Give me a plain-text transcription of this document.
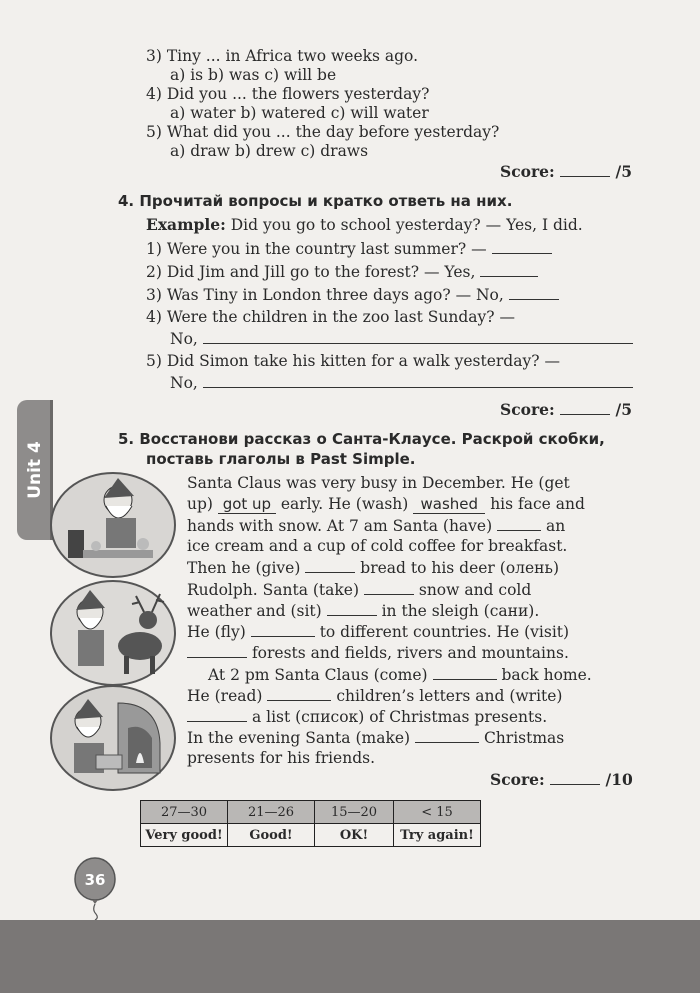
3) Tiny ... in Africa two weeks ago.
a) is b) was c) will be
4) Did you ... the flowers yesterday?
a) water b) watered c) will water
5) What did you ... the day before yesterday?
a) draw b) drew c) draws
Score:	/5
4. Прочитай вопросы и кратко ответь на них.
Example: Did you go to school yesterday? — Yes, I did.
1) Were you in the country last summer? —
2) Did Jim and Jill go to the forest? — Yes,
3) Was Tiny in London three days ago? — No,
4) Were the children in the zoo last Sunday? —
No,
5) Did Simon take his kitten for a walk yesterday? —
No,
Score:	/5
Unit 4
5. Восстанови рассказ о Санта-Клаусе. Раскрой скобки,
поставь глаголы в Past Simple.
Santa Claus was very busy in December. He (get
up) got up early. He (wash) washed his face and
hands with snow. At 7 am Santa (have)	an
ice cream and a cup of cold coffee for breakfast.
Then he (give)	bread to his deer (олень)
Rudolph. Santa (take)	snow and cold
weather and (sit)	in the sleigh (сани).
He (fly)	to different countries. He (visit)
forests and fields, rivers and mountains.
At 2 pm Santa Claus (come)	back home.
He (read)	children’s letters and (write)
a list (список) of Christmas presents.
In the evening Santa (make)	Christmas
presents for his friends.
Score:	/10
27—30	21—26	15—20	< 15
Very good!	Good!	OK!	Try again!
36
